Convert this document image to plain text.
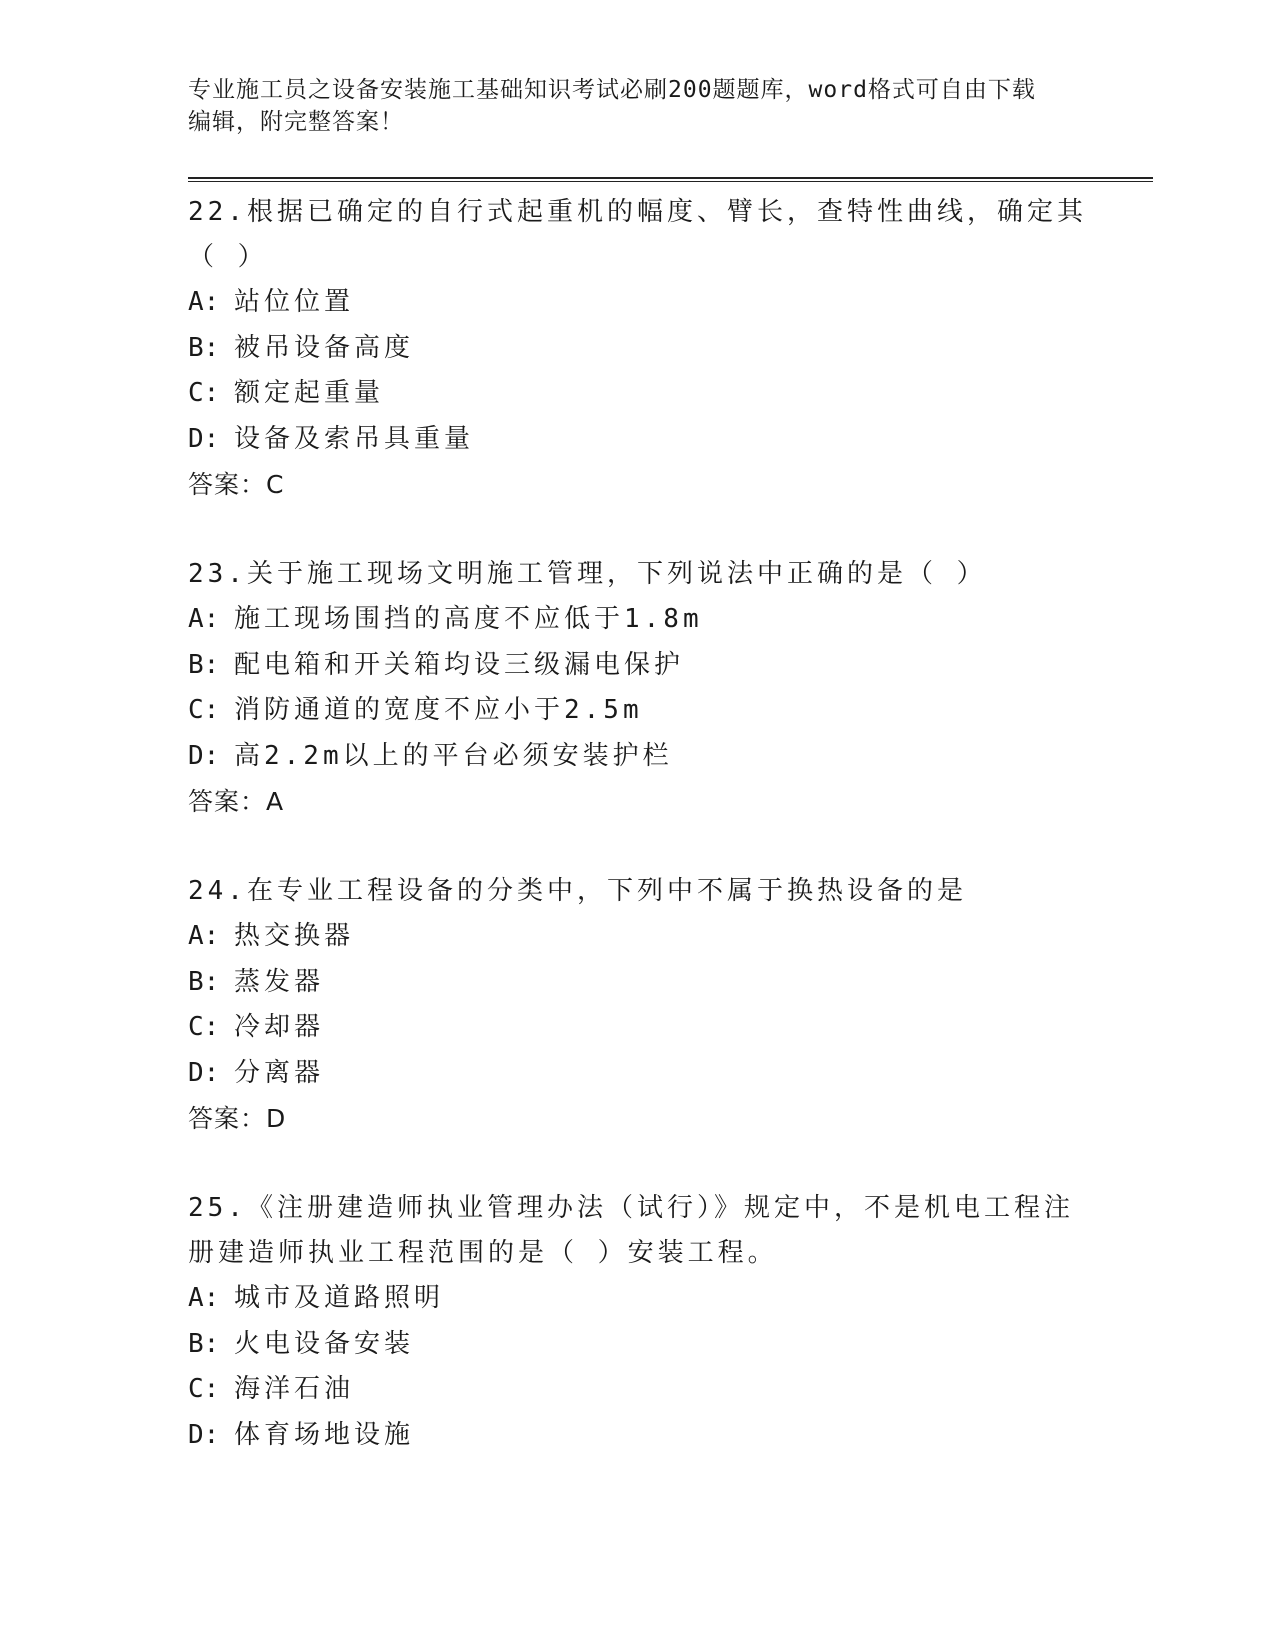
专业施工员之设备安装施工基础知识考试必刷200题题库，word格式可自由下载
编辑，附完整答案！
22.根据已确定的自行式起重机的幅度、臂长，查特性曲线，确定其（ ）
A: 站位位置
B: 被吊设备高度
C: 额定起重量
D: 设备及索吊具重量
答案：C
23.关于施工现场文明施工管理，下列说法中正确的是（ ）
A: 施工现场围挡的高度不应低于1.8m
B: 配电箱和开关箱均设三级漏电保护
C: 消防通道的宽度不应小于2.5m
D: 高2.2m以上的平台必须安装护栏
答案：A
24.在专业工程设备的分类中，下列中不属于换热设备的是
A: 热交换器
B: 蒸发器
C: 冷却器
D: 分离器
答案：D
25.《注册建造师执业管理办法（试行）》规定中，不是机电工程注册建造师执业工程范围的是（ ）安装工程。
A: 城市及道路照明
B: 火电设备安装
C: 海洋石油
D: 体育场地设施
